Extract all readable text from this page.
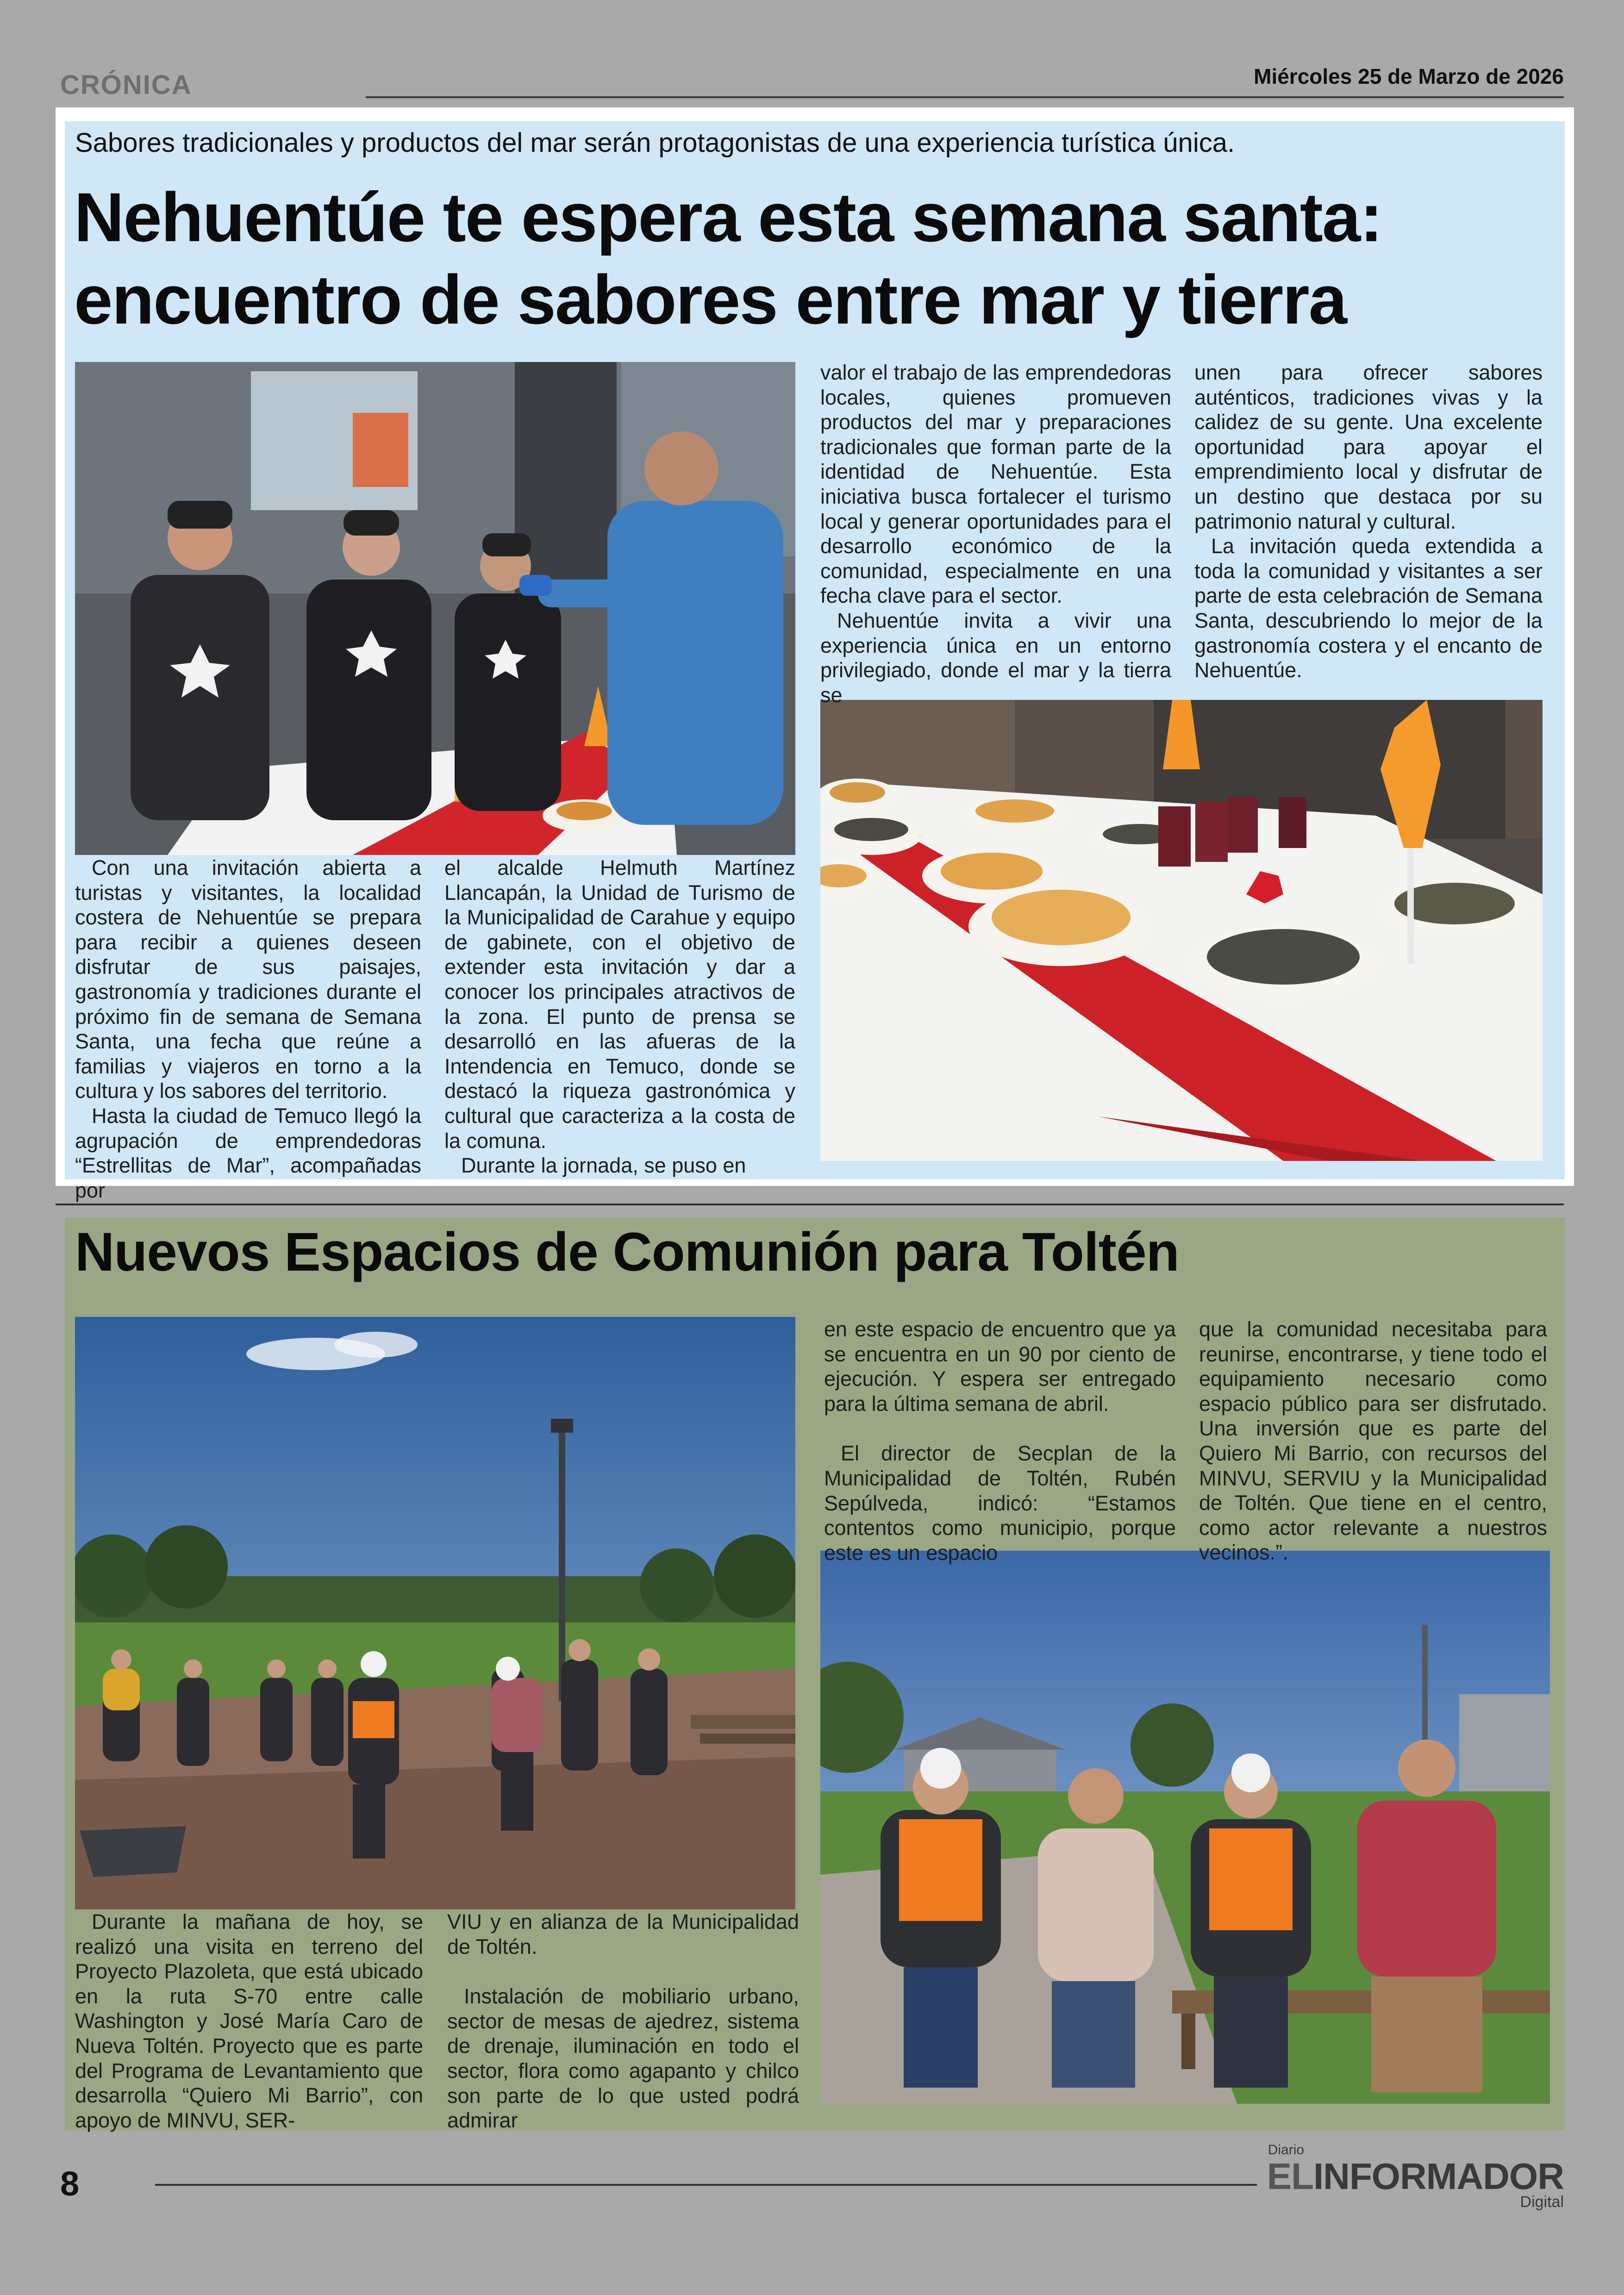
CRÓNICA	Miércoles 25 de Marzo de 2026
Sabores tradicionales y productos del mar serán protagonistas de una experiencia turística única.
Nehuentúe te espera esta semana santa: encuentro de sabores entre mar y tierra

Con una invitación abierta a turistas y visitantes, la localidad costera de Nehuentúe se prepara para recibir a quienes deseen disfrutar de sus paisajes, gastronomía y tradiciones durante el próximo fin de semana de Semana Santa, una fecha que reúne a familias y viajeros en torno a la cultura y los sabores del territorio.

Hasta la ciudad de Temuco llegó la agrupación de emprendedoras “Estrellitas de Mar”, acompañadas por

el alcalde Helmuth Martínez Llancapán, la Unidad de Turismo de la Municipalidad de Carahue y equipo de gabinete, con el objetivo de extender esta invitación y dar a conocer los principales atractivos de la zona. El punto de prensa se desarrolló en las afueras de la Intendencia en Temuco, donde se destacó la riqueza gastronómica y cultural que caracteriza a la costa de la comuna.

Durante la jornada, se puso en

valor el trabajo de las emprendedoras locales, quienes promueven productos del mar y preparaciones tradicionales que forman parte de la identidad de Nehuentúe. Esta iniciativa busca fortalecer el turismo local y generar oportunidades para el desarrollo económico de la comunidad, especialmente en una fecha clave para el sector.

Nehuentúe invita a vivir una experiencia única en un entorno privilegiado, donde el mar y la tierra se

unen para ofrecer sabores auténticos, tradiciones vivas y la calidez de su gente. Una excelente oportunidad para apoyar el emprendimiento local y disfrutar de un destino que destaca por su patrimonio natural y cultural.

La invitación queda extendida a toda la comunidad y visitantes a ser parte de esta celebración de Semana Santa, descubriendo lo mejor de la gastronomía costera y el encanto de Nehuentúe.

Nuevos Espacios de Comunión para Toltén

Durante la mañana de hoy, se realizó una visita en terreno del Proyecto Plazoleta, que está ubicado en la ruta S-70 entre calle Washington y José María Caro de Nueva Toltén. Proyecto que es parte del Programa de Levantamiento que desarrolla “Quiero Mi Barrio”, con apoyo de MINVU, SER-

VIU y en alianza de la Municipalidad de Toltén.

Instalación de mobiliario urbano, sector de mesas de ajedrez, sistema de drenaje, iluminación en todo el sector, flora como agapanto y chilco son parte de lo que usted podrá admirar

en este espacio de encuentro que ya se encuentra en un 90 por ciento de ejecución. Y espera ser entregado para la última semana de abril.

El director de Secplan de la Municipalidad de Toltén, Rubén Sepúlveda, indicó: “Estamos contentos como municipio, porque este es un espacio

que la comunidad necesitaba para reunirse, encontrarse, y tiene todo el equipamiento necesario como espacio público para ser disfrutado. Una inversión que es parte del Quiero Mi Barrio, con recursos del MINVU, SERVIU y la Municipalidad de Toltén. Que tiene en el centro, como actor relevante a nuestros vecinos.”.

8
Diario
ELINFORMADOR
Digital
